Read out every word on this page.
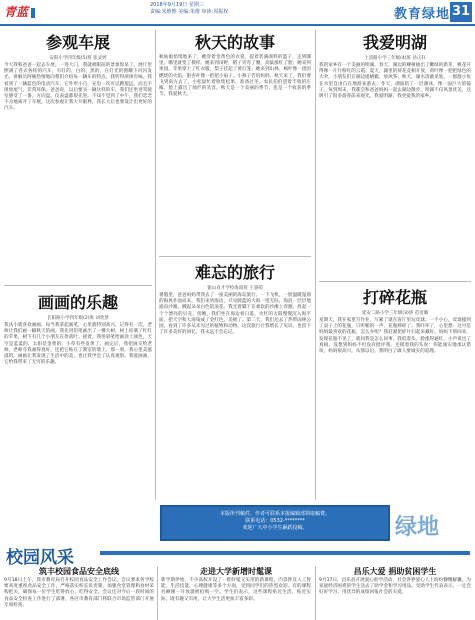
青蓝	2018年9月19日 星期三
责编:朱维维 美编:朱维 审读:周振权	教育绿地 31
参观车展
安阳小学四年级(5)班 张灵婷
今天我和爸爸一起去车展。一进大门，我就被眼前的景象惊呆了。展厅里摆满了各式各样的汽车，有红的、白的、黑的，在灯光的照耀下闪闪发光。讲解员阿姨热情地向我们介绍每一辆车的特点，我听得津津有味。我看到了一辆蓝色的电动汽车，它外形小巧，充电一次可以跑很远，而且不排放尾气，非常环保。爸爸说，以后要买一辆这样的车。我们还坐进驾驶室感受了一番，方向盘、仪表盘都很先进。不知不觉到了中午，我们恋恋不舍地离开了车展。这次参观让我大开眼界，我长大后也要设计出更好的汽车。
画画的乐趣
长阳路小学四年级(2)班 刘欣梦
我从小就喜欢画画。每当我拿起画笔，心里就特别高兴。记得有一次，老师让我们画一幅秋天的画。我先用铅笔画出了一棵大树，树上结满了红红的苹果，树下有几个小朋友在捡落叶。接着，我用彩笔给画涂上颜色，天空是蓝蓝的，太阳是金黄的，小草有些发黄了。画完后，我把画交给老师，老师夸我画得真好，还把它贴在了教室的墙上。那一刻，我心里美滋滋的。画画让我发现了生活中的美，也让我学会了认真观察。我爱画画，它给我带来了无穷的乐趣。
秋天的故事
秋姑娘悄悄地来了，她穿着金黄色的衣裳，提着装满颜料的篮子，走到哪里，哪里就变了模样。她来到田野，稻子笑弯了腰，高粱涨红了脸；她来到果园，苹果穿上了红衣服，梨子挂起了黄灯笼；她来到山林，枫叶像一团团燃烧的火焰，银杏叶像一把把小扇子。小燕子告诉妈妈，秋天来了，我们要飞到南方去了。小松鼠忙着收集松果，准备过冬。农民伯伯望着丰收的庄稼，脸上露出了灿烂的笑容。秋天是一个美丽的季节，也是一个收获的季节，我爱秋天。
难忘的旅行
银山育才学校海南班 王睿萌
暑假里，爸爸妈妈带我去了一座美丽的海岛旅行。一下飞机，一股温暖湿润的海风扑面而来。我们来到海边，只见蔚蓝的大海一望无际，海浪一层层地涌向沙滩，溅起朵朵白色的浪花。我光着脚丫在柔软的沙滩上奔跑，捡起一个个漂亮的贝壳。傍晚，我们坐在海边看日落，火红的太阳慢慢沉入海平面，把天空和大海染成了金红色，美极了。第二天，我们还去了热带雨林公园，看到了许多从未见过的植物和动物。这次旅行让我增长了见识，也留下了许多美好的回忆，我永远不会忘记。
我爱明湖
上清路小学三年级(4)班 孙正轩
我的家乡有一个美丽的明湖。春天，湖边的柳树抽出了嫩绿的新芽，桃花开得像一片片粉红的云霞；夏天，湖里的荷花竞相开放，荷叶像一把把绿色的大伞，小朋友们在湖边捉蜻蜓、放风筝；秋天，湖水清澈见底，一群群小鱼在水里自由自在地游来游去；冬天，湖面结了一层薄冰，像一面巨大的镜子。每到周末，我都会和爸爸妈妈一起去湖边散步。明湖不仅风景优美，还吸引了很多游客前来观光。我爱明湖，我更爱我的家乡。
打碎花瓶
延安二路小学三年级(3)班 范语璐
星期天，我在家里写作业，写累了就在客厅里玩皮球。一不小心，皮球撞到了桌子上的花瓶，只听啪的一声，花瓶摔碎了。我吓坏了，心里想：这可是妈妈最喜欢的花瓶，怎么办呢？我赶紧把碎片扫起来藏好。妈妈下班回来，发现花瓶不见了，就问我是怎么回事。我低着头，脸涨得通红，小声说出了真相。没想到妈妈不但没有批评我，还摸着我的头说：你能诚实地承认错误，妈妈很高兴。从那以后，我明白了做人要诚实的道理。
本版所刊稿件，作者可联系本报编辑部领取稿费。
联系电话：0532-********
欢迎广大中小学生踊跃投稿。	绿地
校园风采
筑丰校园食品安全底线
9月18日上午，我市教育局召开校园食品安全工作会议。会议要求各学校要高度重视食品安全工作，严格落实校长负责制，加强食堂管理和食材采购把关，确保每一位学生吃得放心、吃得安全。会议还对今后一段时间的食品安全检查工作进行了部署，各区市教育部门将联合市场监管部门开展专项检查。
走进大学新增时髦课
新学期伊始，不少高校开设了一批时髦又实用的新课程，内容涉及人工智能、生活技能、心理健康等多个方面，受到同学们的热烈欢迎。有的课程名额刚一开放就被抢购一空。学生们表示，这些课程贴近生活、贴近实际，既有趣又有用，让大学生活更加丰富多彩。
昌乐大爱 捐助贫困学生
9月17日，昌乐县开展爱心助学活动，社会各界爱心人士纷纷慷慨解囊，为家庭经济困难的学生送去了助学金和学习用品。受助学生代表表示，一定会好好学习，用优异的成绩回报社会的关爱。
